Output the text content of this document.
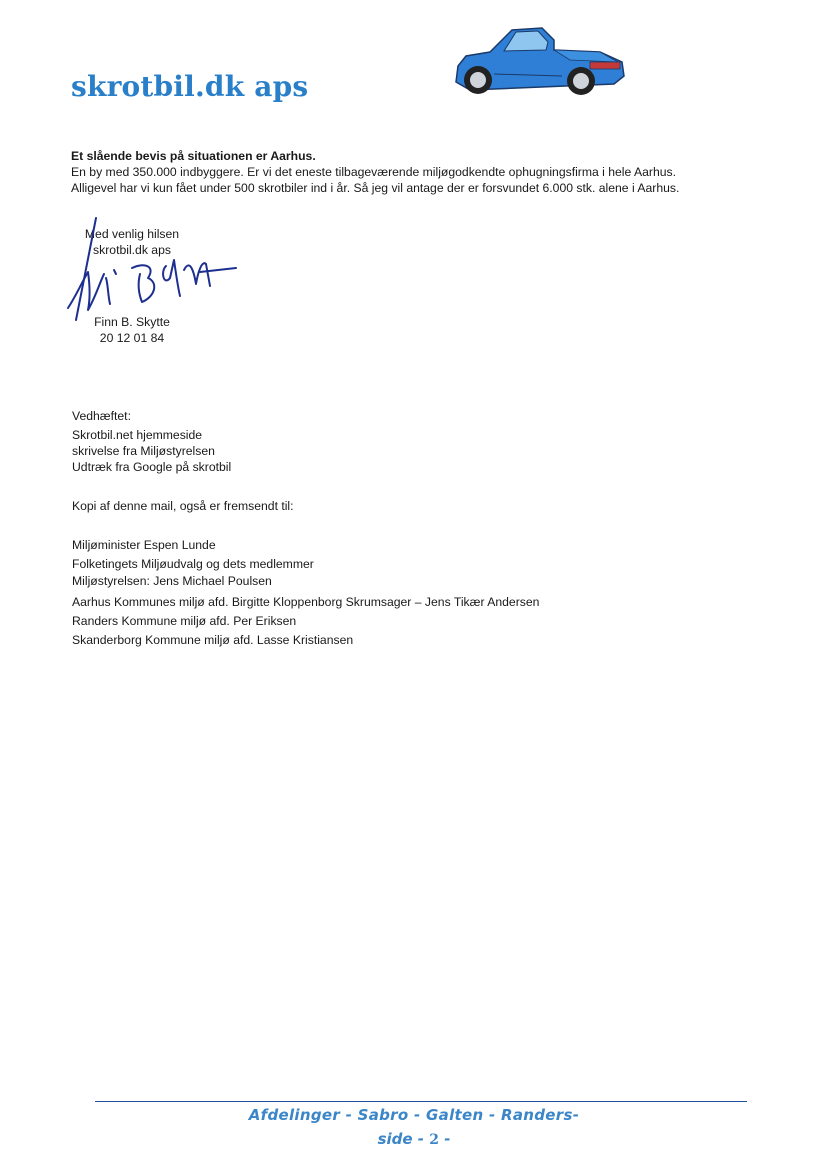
skrotbil.dk aps
Et slående bevis på situationen er Aarhus.
En by med 350.000 indbyggere. Er vi det eneste tilbageværende miljøgodkendte ophugningsfirma i hele Aarhus.
Alligevel har vi kun fået under 500 skrotbiler ind i år. Så jeg vil antage der er forsvundet 6.000 stk. alene i Aarhus.
Med venlig hilsen
skrotbil.dk aps
Finn B. Skytte
20 12 01 84
Vedhæftet:
Skrotbil.net hjemmeside
skrivelse fra Miljøstyrelsen
Udtræk fra Google på skrotbil
Kopi af denne mail, også er fremsendt til:
Miljøminister Espen Lunde
Folketingets Miljøudvalg og dets medlemmer
Miljøstyrelsen: Jens Michael Poulsen
Aarhus Kommunes miljø afd. Birgitte Kloppenborg Skrumsager – Jens Tikær Andersen
Randers Kommune miljø afd. Per Eriksen
Skanderborg Kommune miljø afd. Lasse Kristiansen
Afdelinger - Sabro - Galten - Randers-
side - 2 -
